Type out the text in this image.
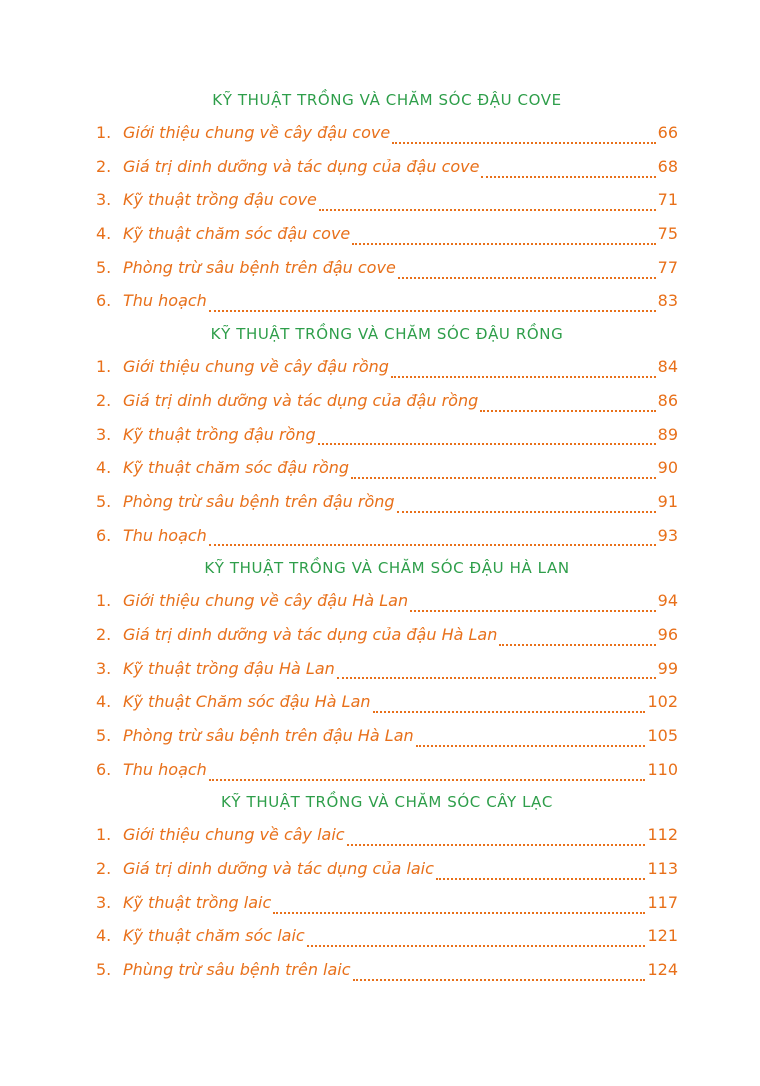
KỸ THUẬT TRỒNG VÀ CHĂM SÓC ĐẬU COVE
1. Giới thiệu chung về cây đậu cove	66
2. Giá trị dinh dưỡng và tác dụng của đậu cove	68
3. Kỹ thuật trồng đậu cove	71
4. Kỹ thuật chăm sóc đậu cove	75
5. Phòng trừ sâu bệnh trên đậu cove	77
6. Thu hoạch	83
KỸ THUẬT TRỒNG VÀ CHĂM SÓC ĐẬU RỒNG
1. Giới thiệu chung về cây đậu rồng	84
2. Giá trị dinh dưỡng và tác dụng của đậu rồng	86
3. Kỹ thuật trồng đậu rồng	89
4. Kỹ thuật chăm sóc đậu rồng	90
5. Phòng trừ sâu bệnh trên đậu rồng	91
6. Thu hoạch	93
KỸ THUẬT TRỒNG VÀ CHĂM SÓC ĐẬU HÀ LAN
1. Giới thiệu chung về cây đậu Hà Lan	94
2. Giá trị dinh dưỡng và tác dụng của đậu Hà Lan	96
3. Kỹ thuật trồng đậu Hà Lan	99
4. Kỹ thuật Chăm sóc đậu Hà Lan	102
5. Phòng trừ sâu bệnh trên đậu Hà Lan	105
6. Thu hoạch	110
KỸ THUẬT TRỒNG VÀ CHĂM SÓC CÂY LẠC
1. Giới thiệu chung về cây laic	112
2. Giá trị dinh dưỡng và tác dụng của laic	113
3. Kỹ thuật trồng laic	117
4. Kỹ thuật chăm sóc laic	121
5. Phùng trừ sâu bệnh trên laic	124
